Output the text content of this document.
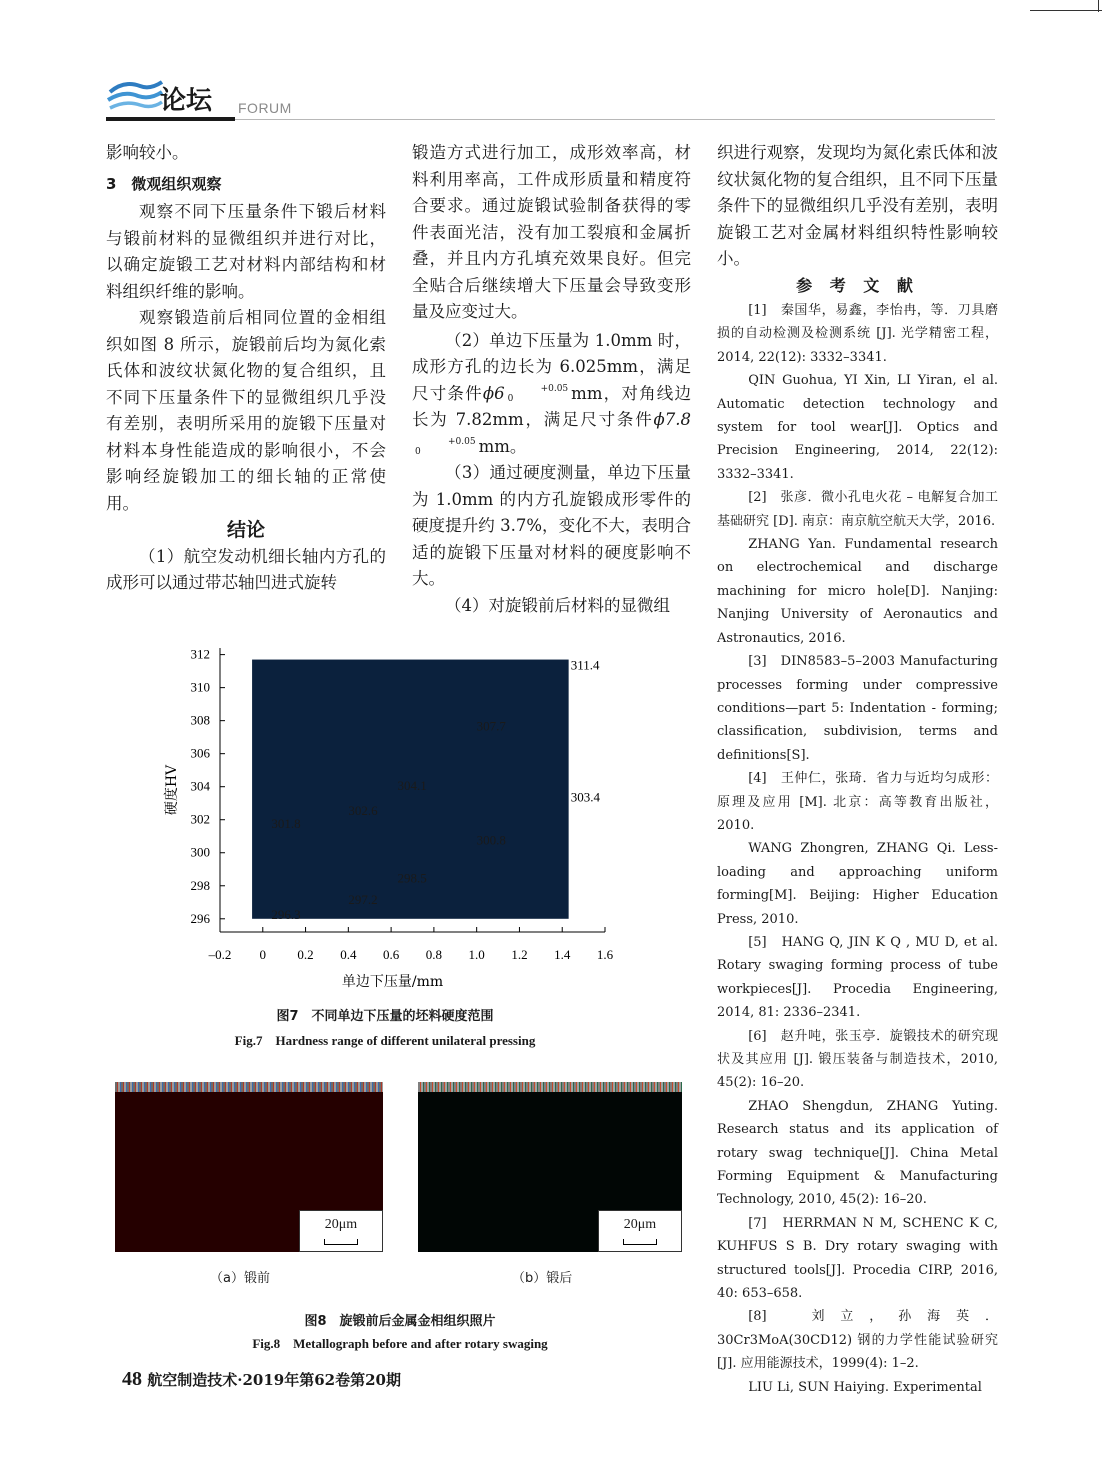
论坛 FORUM

影响较小。

3　微观组织观察

观察不同下压量条件下锻后材料与锻前材料的显微组织并进行对比，以确定旋锻工艺对材料内部结构和材料组织纤维的影响。

观察锻造前后相同位置的金相组织如图 8 所示，旋锻前后均为氮化索氏体和波纹状氮化物的复合组织，且不同下压量条件下的显微组织几乎没有差别，表明所采用的旋锻下压量对材料本身性能造成的影响很小，不会影响经旋锻加工的细长轴的正常使用。

结论

（1）航空发动机细长轴内方孔的成形可以通过带芯轴凹进式旋转

锻造方式进行加工，成形效率高，材料利用率高，工件成形质量和精度符合要求。通过旋锻试验制备获得的零件表面光洁，没有加工裂痕和金属折叠，并且内方孔填充效果良好。但完全贴合后继续增大下压量会导致变形量及应变过大。

（2）单边下压量为 1.0mm 时，成形方孔的边长为 6.025mm，满足尺寸条件ϕ6	+0.05
0	mm，对角线边长为 7.82mm，满足尺寸条件ϕ7.8+0.05
0	mm。

（3）通过硬度测量，单边下压量为 1.0mm 的内方孔旋锻成形零件的硬度提升约 3.7%，变化不大，表明合适的旋锻下压量对材料的硬度影响不大。

（4）对旋锻前后材料的显微组

织进行观察，发现均为氮化索氏体和波纹状氮化物的复合组织，且不同下压量条件下的显微组织几乎没有差别，表明旋锻工艺对金属材料组织特性影响较小。

参 考 文 献

[1]　秦国华，易鑫，李怡冉，等．刀具磨损的自动检测及检测系统 [J]. 光学精密工程，2014, 22(12): 3332–3341.

QIN Guohua, YI Xin, LI Yiran, el al. Automatic detection technology and system for tool wear[J]. Optics and Precision Engineering, 2014, 22(12): 3332–3341.

[2]　张彦．微小孔电火花 – 电解复合加工基础研究 [D]. 南京：南京航空航天大学，2016.

ZHANG Yan. Fundamental research on electrochemical and discharge machining for micro hole[D]. Nanjing: Nanjing University of Aeronautics and Astronautics, 2016.

[3]　DIN8583–5–2003 Manufacturing processes forming under compressive conditions—part 5: Indentation - forming; classification, subdivision, terms and definitions[S].

[4]　王仲仁，张琦．省力与近均匀成形：原理及应用 [M]. 北京：高等教育出版社，2010.

WANG Zhongren, ZHANG Qi. Less-loading and approaching uniform forming[M]. Beijing: Higher Education Press, 2010.

[5]　HANG Q, JIN K Q , MU D, et al. Rotary swaging forming process of tube workpieces[J]. Procedia Engineering, 2014, 81: 2336–2341.

[6]　赵升吨，张玉亭．旋锻技术的研究现状及其应用 [J]. 锻压装备与制造技术，2010, 45(2): 16–20.

ZHAO Shengdun, ZHANG Yuting. Research status and its application of rotary swag technique[J]. China Metal Forming Equipment & Manufacturing Technology, 2010, 45(2): 16–20.

[7]　HERRMAN N M, SCHENC K C, KUHFUS S B. Dry rotary swaging with structured tools[J]. Procedia CIRP, 2016, 40: 653–658.

[8]　刘立，孙海英．30Cr3MoA(30CD12) 钢的力学性能试验研究 [J]. 应用能源技术，1999(4): 1–2.

LIU Li, SUN Haiying. Experimental

296
298
300
302
304
306
308
310
312
–0.2 0 0.2 0.4 0.6 0.8 1.0 1.2 1.4 1.6
311.4
307.7
304.1
303.4
302.6
301.8
300.8
298.5
297.2
296.3
单边下压量/mm
硬度HV
图7　不同单边下压量的坯料硬度范围
Fig.7　Hardness range of different unilateral pressing
20μm	20μm
（a）锻前	（b）锻后
图8　旋锻前后金属金相组织照片
Fig.8　Metallograph before and after rotary swaging
48 航空制造技术·2019年第62卷第20期
